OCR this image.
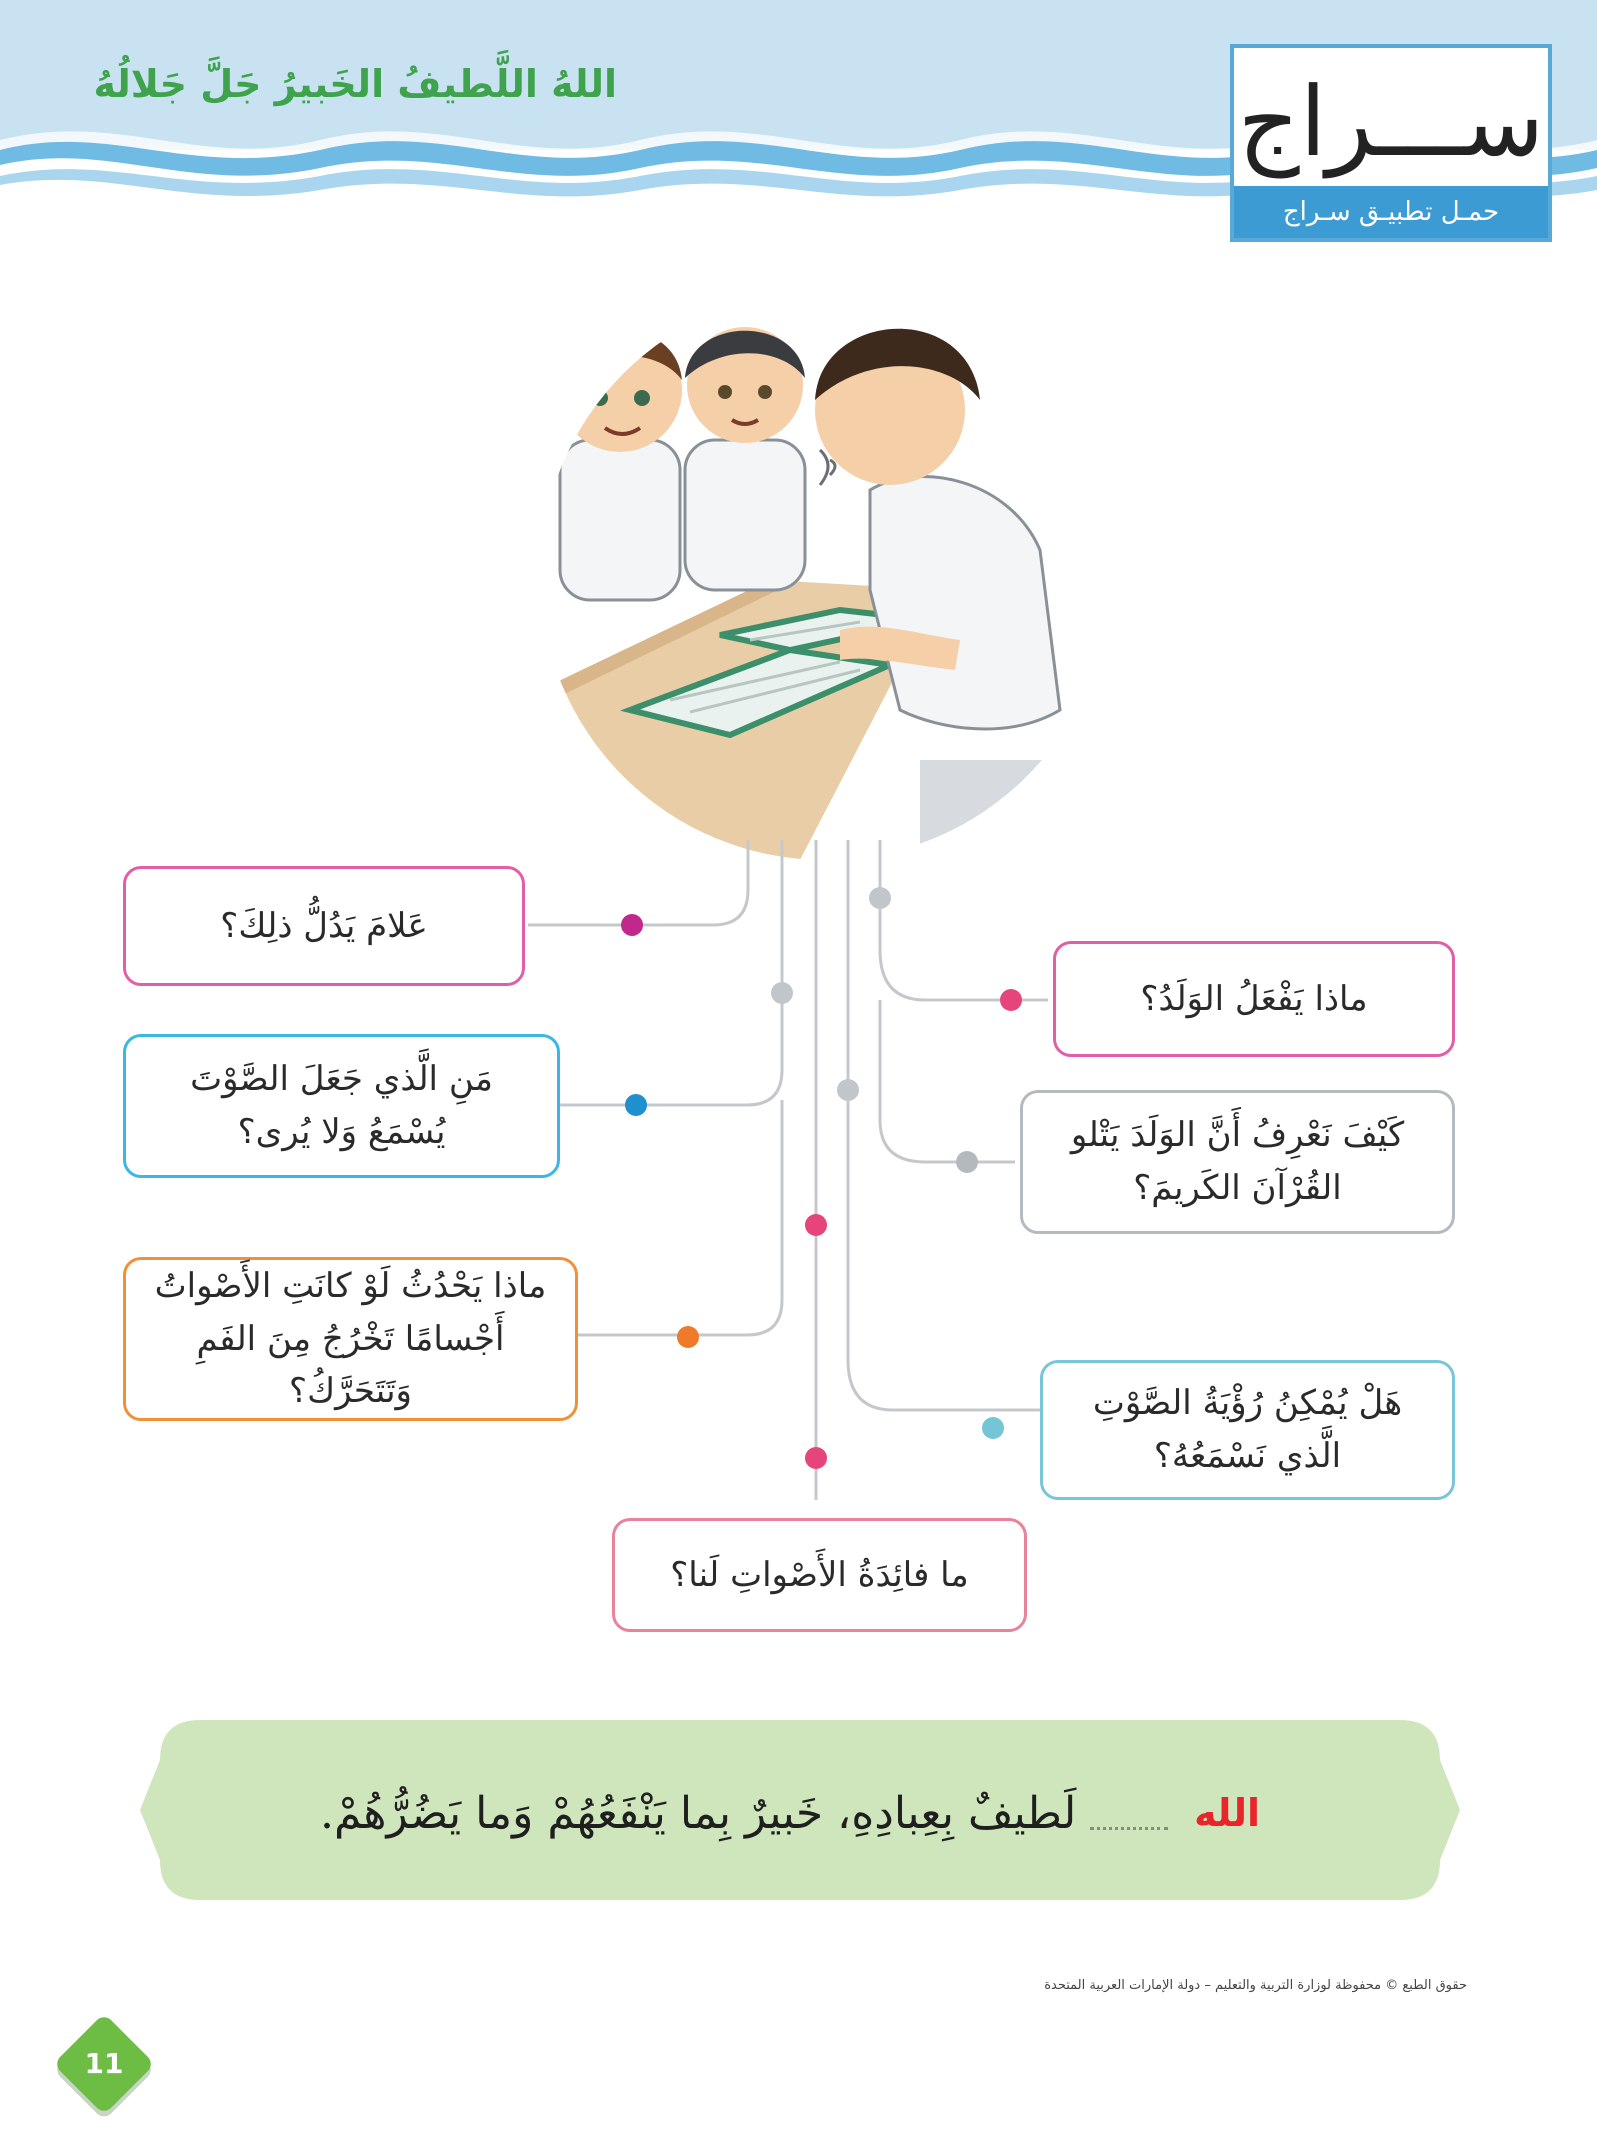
اللهُ اللَّطيفُ الخَبيرُ جَلَّ جَلالُهُ	ســـراج
حمـل تطبيـق سـراج
عَلامَ يَدُلُّ ذلِكَ؟
مَنِ الَّذي جَعَلَ الصَّوْتَ
يُسْمَعُ وَلا يُرى؟
ماذا يَحْدُثُ لَوْ كانَتِ الأَصْواتُ
أَجْسامًا تَخْرُجُ مِنَ الفَمِ وَتَتَحَرَّكُ؟
ماذا يَفْعَلُ الوَلَدُ؟
كَيْفَ نَعْرِفُ أَنَّ الوَلَدَ يَتْلو
القُرْآنَ الكَريمَ؟
هَلْ يُمْكِنُ رُؤْيَةُ الصَّوْتِ
الَّذي نَسْمَعُهُ؟
ما فائِدَةُ الأَصْواتِ لَنا؟
الله
لَطيفٌ بِعِبادِهِ، خَبيرٌ بِما يَنْفَعُهُمْ وَما يَضُرُّهُمْ.
حقوق الطبع © محفوظة لوزارة التربية والتعليم – دولة الإمارات العربية المتحدة
11
